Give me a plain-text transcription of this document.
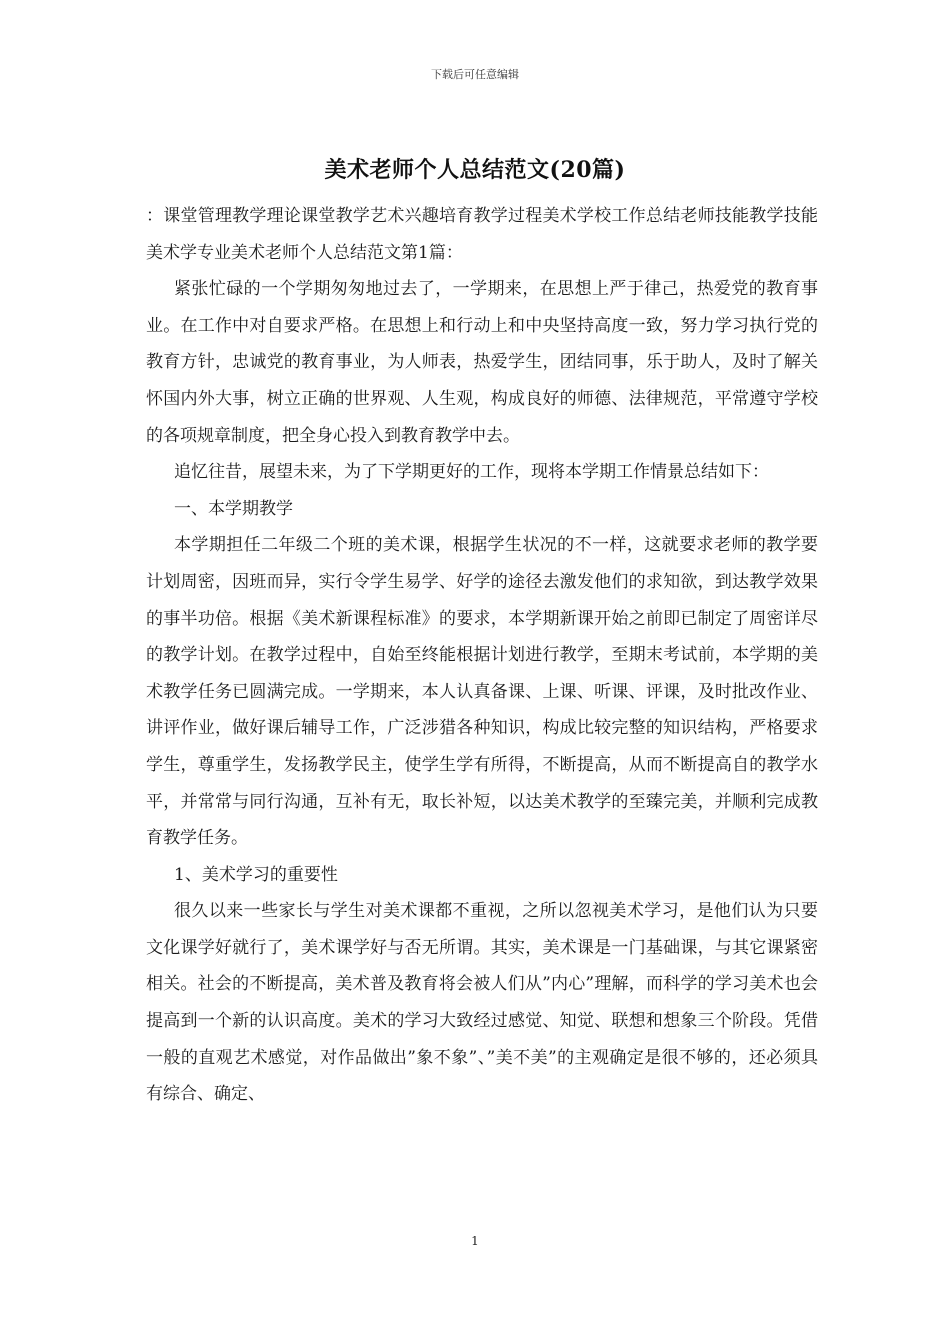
下载后可任意编辑
美术老师个人总结范文(20篇)

：课堂管理教学理论课堂教学艺术兴趣培育教学过程美术学校工作总结老师技能教学技能美术学专业美术老师个人总结范文第1篇：

紧张忙碌的一个学期匆匆地过去了，一学期来，在思想上严于律己，热爱党的教育事业。在工作中对自要求严格。在思想上和行动上和中央坚持高度一致，努力学习执行党的教育方针，忠诚党的教育事业，为人师表，热爱学生，团结同事，乐于助人，及时了解关怀国内外大事，树立正确的世界观、人生观，构成良好的师德、法律规范，平常遵守学校的各项规章制度，把全身心投入到教育教学中去。

追忆往昔，展望未来，为了下学期更好的工作，现将本学期工作情景总结如下：

一、本学期教学

本学期担任二年级二个班的美术课，根据学生状况的不一样，这就要求老师的教学要计划周密，因班而异，实行令学生易学、好学的途径去激发他们的求知欲，到达教学效果的事半功倍。根据《美术新课程标准》的要求，本学期新课开始之前即已制定了周密详尽的教学计划。在教学过程中，自始至终能根据计划进行教学，至期末考试前，本学期的美术教学任务已圆满完成。一学期来，本人认真备课、上课、听课、评课，及时批改作业、讲评作业，做好课后辅导工作，广泛涉猎各种知识，构成比较完整的知识结构，严格要求学生，尊重学生，发扬教学民主，使学生学有所得，不断提高，从而不断提高自的教学水平，并常常与同行沟通，互补有无，取长补短，以达美术教学的至臻完美，并顺利完成教育教学任务。

1、美术学习的重要性

很久以来一些家长与学生对美术课都不重视，之所以忽视美术学习，是他们认为只要文化课学好就行了，美术课学好与否无所谓。其实，美术课是一门基础课，与其它课紧密相关。社会的不断提高，美术普及教育将会被人们从”内心”理解，而科学的学习美术也会提高到一个新的认识高度。美术的学习大致经过感觉、知觉、联想和想象三个阶段。凭借一般的直观艺术感觉，对作品做出”象不象”、”美不美”的主观确定是很不够的，还必须具有综合、确定、

1
